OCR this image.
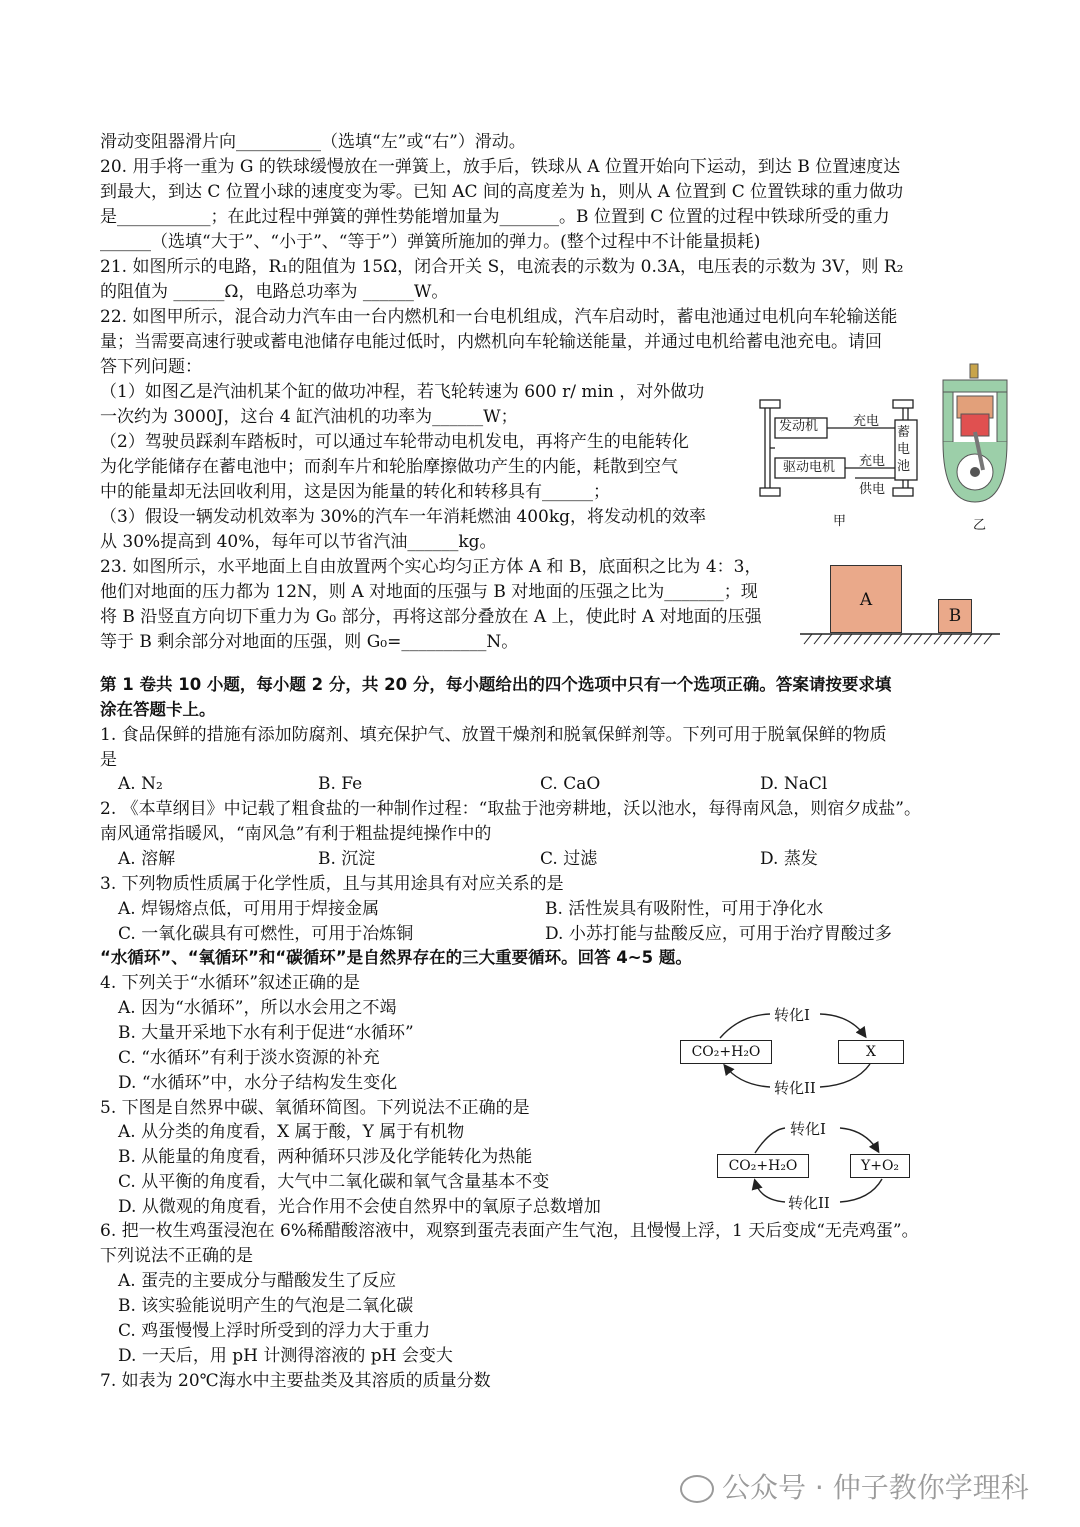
滑动变阻器滑片向__________（选填“左”或“右”）滑动。
20. 用手将一重为 G 的铁球缓慢放在一弹簧上，放手后，铁球从 A 位置开始向下运动，到达 B 位置速度达
到最大，到达 C 位置小球的速度变为零。已知 AC 间的高度差为 h，则从 A 位置到 C 位置铁球的重力做功
是___________；在此过程中弹簧的弹性势能增加量为_______。B 位置到 C 位置的过程中铁球所受的重力
______（选填“大于”、“小于”、“等于”）弹簧所施加的弹力。(整个过程中不计能量损耗)
21. 如图所示的电路，R₁的阻值为 15Ω，闭合开关 S，电流表的示数为 0.3A，电压表的示数为 3V，则 R₂
的阻值为 ______Ω，电路总功率为 ______W。
22. 如图甲所示，混合动力汽车由一台内燃机和一台电机组成，汽车启动时，蓄电池通过电机向车轮输送能
量；当需要高速行驶或蓄电池储存电能过低时，内燃机向车轮输送能量，并通过电机给蓄电池充电。请回
答下列问题：
（1）如图乙是汽油机某个缸的做功冲程，若飞轮转速为 600 r/ min ，对外做功
一次约为 3000J，这台 4 缸汽油机的功率为______W；
（2）驾驶员踩刹车踏板时，可以通过车轮带动电机发电，再将产生的电能转化
为化学能储存在蓄电池中；而刹车片和轮胎摩擦做功产生的内能，耗散到空气
中的能量却无法回收利用，这是因为能量的转化和转移具有______；
（3）假设一辆发动机效率为 30%的汽车一年消耗燃油 400kg，将发动机的效率
从 30%提高到 40%，每年可以节省汽油______kg。
23. 如图所示，水平地面上自由放置两个实心均匀正方体 A 和 B，底面积之比为 4：3，
他们对地面的压力都为 12N，则 A 对地面的压强与 B 对地面的压强之比为_______；现
将 B 沿竖直方向切下重力为 G₀ 部分，再将这部分叠放在 A 上，使此时 A 对地面的压强
等于 B 剩余部分对地面的压强，则 G₀=__________N。
发动机	充电
驱动电机 充电
供电
蓄电池
甲	乙
A
B
第 1 卷共 10 小题，每小题 2 分，共 20 分，每小题给出的四个选项中只有一个选项正确。答案请按要求填
涂在答题卡上。
1. 食品保鲜的措施有添加防腐剂、填充保护气、放置干燥剂和脱氧保鲜剂等。下列可用于脱氧保鲜的物质
是
A. N₂	B. Fe	C. CaO	D. NaCl
2. 《本草纲目》中记载了粗食盐的一种制作过程：“取盐于池旁耕地，沃以池水，每得南风急，则宿夕成盐”。
南风通常指暖风，“南风急”有利于粗盐提纯操作中的
A. 溶解	B. 沉淀	C. 过滤	D. 蒸发
3. 下列物质性质属于化学性质，且与其用途具有对应关系的是
A. 焊锡熔点低，可用用于焊接金属	B. 活性炭具有吸附性，可用于净化水
C. 一氧化碳具有可燃性，可用于冶炼铜	D. 小苏打能与盐酸反应，可用于治疗胃酸过多
“水循环”、“氧循环”和“碳循环”是自然界存在的三大重要循环。回答 4~5 题。
4. 下列关于“水循环”叙述正确的是
A. 因为“水循环”，所以水会用之不竭
B. 大量开采地下水有利于促进“水循环”
C. “水循环”有利于淡水资源的补充
D. “水循环”中，水分子结构发生变化
CO₂+H₂O	X
转化I
转化II
5. 下图是自然界中碳、氧循环简图。下列说法不正确的是
A. 从分类的角度看，X 属于酸，Y 属于有机物
B. 从能量的角度看，两种循环只涉及化学能转化为热能
C. 从平衡的角度看，大气中二氧化碳和氧气含量基本不变
D. 从微观的角度看，光合作用不会使自然界中的氧原子总数增加
CO₂+H₂O	Y+O₂
转化I
转化II
6. 把一枚生鸡蛋浸泡在 6%稀醋酸溶液中，观察到蛋壳表面产生气泡，且慢慢上浮，1 天后变成“无壳鸡蛋”。
下列说法不正确的是
A. 蛋壳的主要成分与醋酸发生了反应
B. 该实验能说明产生的气泡是二氧化碳
C. 鸡蛋慢慢上浮时所受到的浮力大于重力
D. 一天后，用 pH 计测得溶液的 pH 会变大
7. 如表为 20℃海水中主要盐类及其溶质的质量分数
公众号 · 仲子教你学理科
